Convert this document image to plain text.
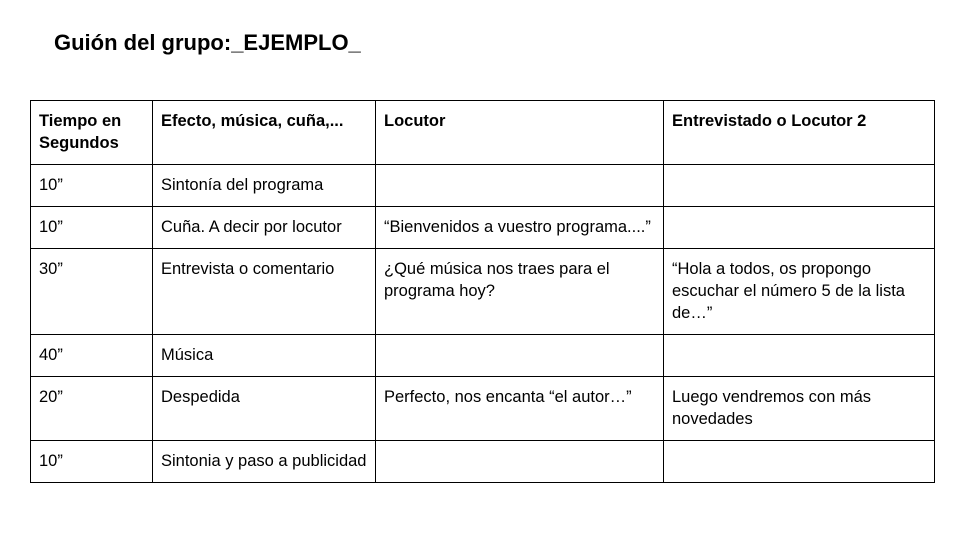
Guión del grupo:_EJEMPLO_
Tiempo en Segundos	Efecto, música, cuña,...	Locutor	Entrevistado o Locutor 2
10”	Sintonía del programa		
10”	Cuña. A decir por locutor	“Bienvenidos a vuestro programa....”	
30”	Entrevista o comentario	¿Qué música nos traes para el programa hoy?	“Hola a todos, os propongo escuchar el número 5 de la lista de…”
40”	Música		
20”	Despedida	Perfecto, nos encanta “el autor…”	Luego vendremos con más novedades
10”	Sintonia y paso a publicidad		
